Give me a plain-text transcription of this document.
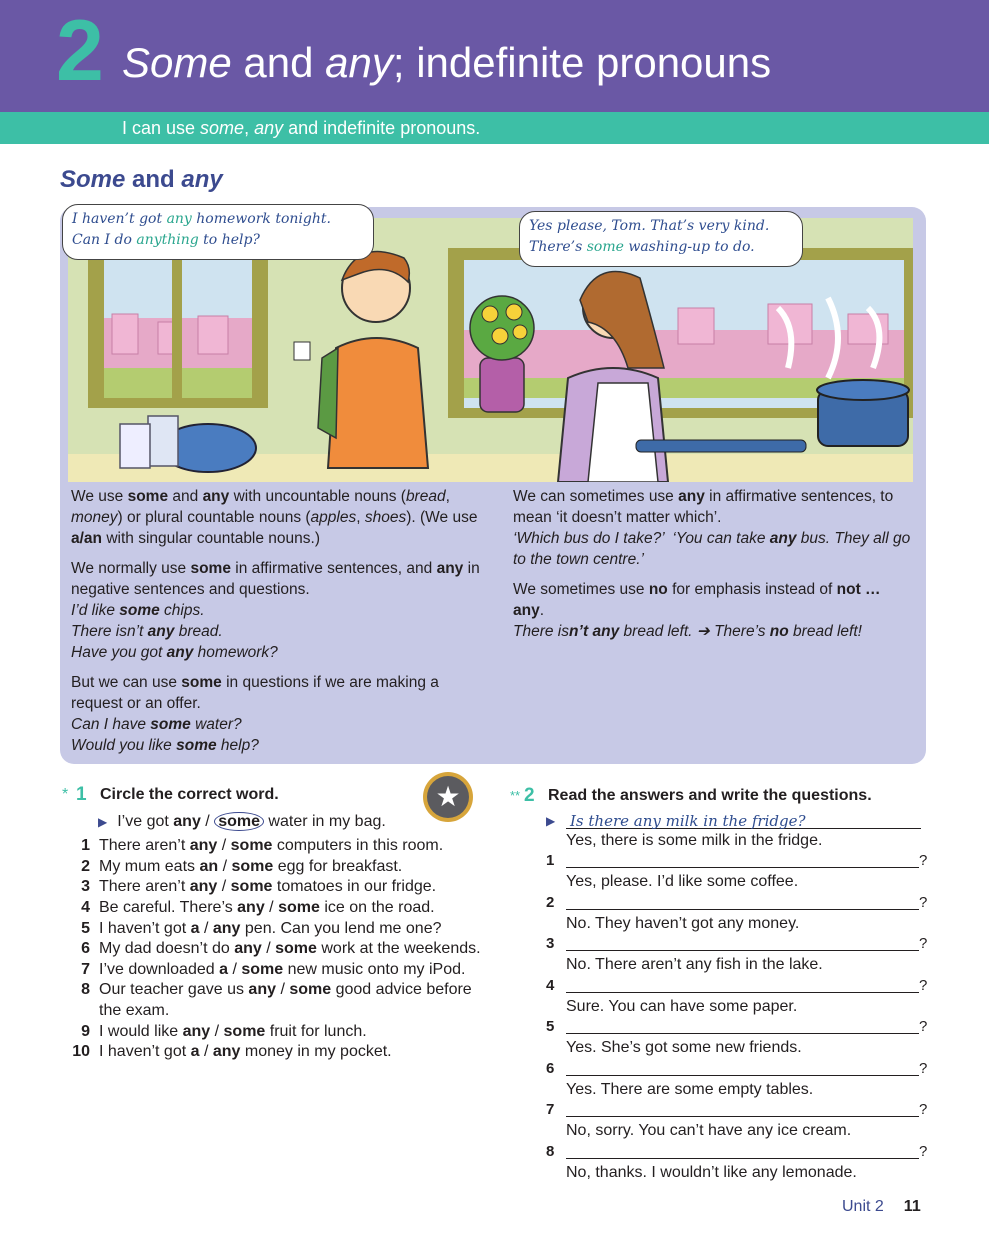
2 Some and any; indefinite pronouns
I can use some, any and indefinite pronouns.
Some and any
I haven’t got any homework tonight.
Can I do anything to help?
Yes please, Tom. That’s very kind.
There’s some washing-up to do.

We use some and any with uncountable nouns (bread, money) or plural countable nouns (apples, shoes). (We use a/an with singular countable nouns.)

We normally use some in affirmative sentences, and any in negative sentences and questions.
I’d like some chips.
There isn’t any bread.
Have you got any homework?

But we can use some in questions if we are making a request or an offer.
Can I have some water?
Would you like some help?

We can sometimes use any in affirmative sentences, to mean ‘it doesn’t matter which’.
‘Which bus do I take?’  ‘You can take any bus. They all go to the town centre.’

We sometimes use no for emphasis instead of not … any.
There isn’t any bread left. ➔ There’s no bread left!

* 1 Circle the correct word.
▶ I’ve got any / some water in my bag.
1 There aren’t any / some computers in this room.
2 My mum eats an / some egg for breakfast.
3 There aren’t any / some tomatoes in our fridge.
4 Be careful. There’s any / some ice on the road.
5 I haven’t got a / any pen. Can you lend me one?
6 My dad doesn’t do any / some work at the weekends.
7 I’ve downloaded a / some new music onto my iPod.
8 Our teacher gave us any / some good advice before the exam.
9 I would like any / some fruit for lunch.
10 I haven’t got a / any money in my pocket.
★	** 2 Read the answers and write the questions.
▶ Is there any milk in the fridge?
Yes, there is some milk in the fridge.
1	?
Yes, please. I’d like some coffee.
2	?
No. They haven’t got any money.
3	?
No. There aren’t any fish in the lake.
4	?
Sure. You can have some paper.
5	?
Yes. She’s got some new friends.
6	?
Yes. There are some empty tables.
7	?
No, sorry. You can’t have any ice cream.
8	?
No, thanks. I wouldn’t like any lemonade.
Unit 2 11
